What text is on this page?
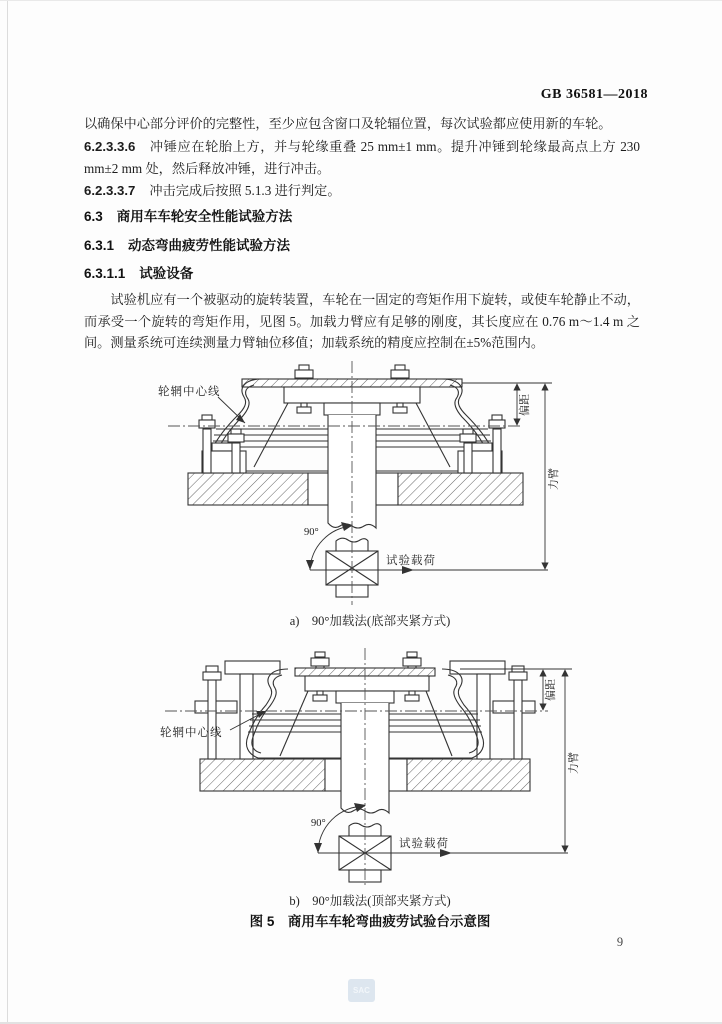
GB 36581—2018
以确保中心部分评价的完整性，至少应包含窗口及轮辐位置，每次试验都应使用新的车轮。
6.2.3.3.6 冲锤应在轮胎上方，并与轮缘重叠 25 mm±1 mm。提升冲锤到轮缘最高点上方 230 mm±2 mm 处，然后释放冲锤，进行冲击。
6.2.3.3.7 冲击完成后按照 5.1.3 进行判定。
6.3 商用车车轮安全性能试验方法
6.3.1 动态弯曲疲劳性能试验方法
6.3.1.1 试验设备
试验机应有一个被驱动的旋转装置，车轮在一固定的弯矩作用下旋转，或使车轮静止不动，而承受一个旋转的弯矩作用，见图 5。加载力臂应有足够的刚度，其长度应在 0.76 m～1.4 m 之间。测量系统可连续测量力臂轴位移值；加载系统的精度应控制在±5%范围内。
轮辋中心线
偏距
力臂
90°
试验载荷
a)　90°加载法(底部夹紧方式)
轮辋中心线
偏距
力臂
90°
试验载荷
b)　90°加载法(顶部夹紧方式)
图 5　商用车车轮弯曲疲劳试验台示意图
9
SAC
